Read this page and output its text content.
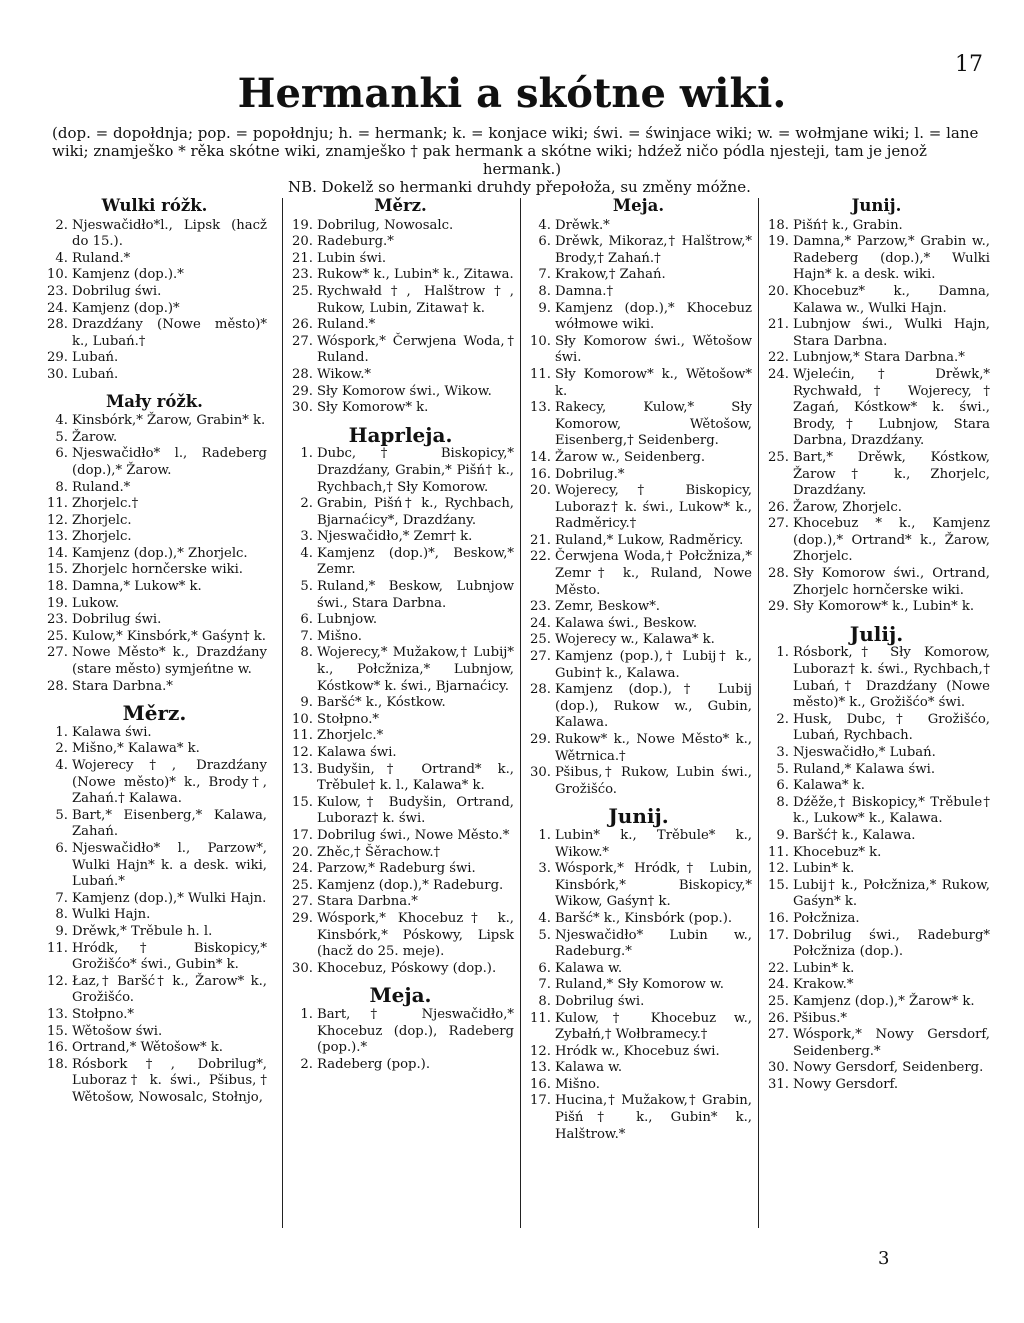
Hermanki a skótne wiki.
17
(dop. = dopołdnja; pop. = popołdnju; h. = hermank; k. = konjace wiki; świ. = świnjace wiki; w. = wołmjane wiki; l. = lane
wiki; znamješko * rěka skótne wiki, znamješko † pak hermank a skótne wiki; hdźež ničo pódla njesteji, tam je jenož
hermank.)
NB. Dokelž so hermanki druhdy přepołoža, su změny móžne.
Wulki róžk.
2. Njeswačidło*l., Lipsk (hacž do 15.).
4. Ruland.*
10. Kamjenz (dop.).*
23. Dobrilug świ.
24. Kamjenz (dop.)*
28. Drazdźany (Nowe město)* k., Lubań.†
29. Lubań.
30. Lubań.
Mały róžk.
4. Kinsbórk,* Žarow, Grabin* k.
5. Žarow.
6. Njeswačidło* l., Radeberg (dop.),* Žarow.
8. Ruland.*
11. Zhorjelc.†
12. Zhorjelc.
13. Zhorjelc.
14. Kamjenz (dop.),* Zhorjelc.
15. Zhorjelc hornčerske wiki.
18. Damna,* Lukow* k.
19. Lukow.
23. Dobrilug świ.
25. Kulow,* Kinsbórk,* Gaśyn† k.
27. Nowe Město* k., Drazdźany (stare město) symjeńtne w.
28. Stara Darbna.*
Měrz.
1. Kalawa świ.
2. Mišno,* Kalawa* k.
4. Wojerecy†, Drazdźany (Nowe město)* k., Brody†, Zahań.† Kalawa.
5. Bart,* Eisenberg,* Kalawa, Zahań.
6. Njeswačidło* l., Parzow*, Wulki Hajn* k. a desk. wiki, Lubań.*
7. Kamjenz (dop.),* Wulki Hajn.
8. Wulki Hajn.
9. Drěwk,* Trěbule h. l.
11. Hródk,† Biskopicy,* Grožišćo* świ., Gubin* k.
12. Łaz,† Baršć† k., Žarow* k., Grožišćo.
13. Stołpno.*
15. Wětošow świ.
16. Ortrand,* Wětošow* k.
18. Rósbork†, Dobrilug*, Luboraz† k. świ., Pšibus,† Wětošow, Nowosalc, Stołnjo,
Měrz.
19. Dobrilug, Nowosalc.
20. Radeburg.*
21. Lubin świ.
23. Rukow* k., Lubin* k., Zitawa.
25. Rychwałd†, Halštrow†, Rukow, Lubin, Zitawa† k.
26. Ruland.*
27. Wóspork,* Čerwjena Woda,† Ruland.
28. Wikow.*
29. Sły Komorow świ., Wikow.
30. Sły Komorow* k.
Haprleja.
1. Dubc,† Biskopicy,* Drazdźany, Grabin,* Pišń† k., Rychbach,† Sły Komorow.
2. Grabin, Pišń† k., Rychbach, Bjarnaćicy*, Drazdźany.
3. Njeswačidło,* Zemr† k.
4. Kamjenz (dop.)*, Beskow,* Zemr.
5. Ruland,* Beskow, Lubnjow świ., Stara Darbna.
6. Lubnjow.
7. Mišno.
8. Wojerecy,* Mužakow,† Lubij* k., Połcžniza,* Lubnjow, Kóstkow* k. świ., Bjarnaćicy.
9. Baršć* k., Kóstkow.
10. Stołpno.*
11. Zhorjelc.*
12. Kalawa świ.
13. Budyšin,† Ortrand* k., Trěbule† k. l., Kalawa* k.
15. Kulow,† Budyšin, Ortrand, Luboraz† k. świ.
17. Dobrilug świ., Nowe Město.*
20. Zhěc,† Šěrachow.†
24. Parzow,* Radeburg świ.
25. Kamjenz (dop.),* Radeburg.
27. Stara Darbna.*
29. Wóspork,* Khocebuz† k., Kinsbórk,* Póskowy, Lipsk (hacž do 25. meje).
30. Khocebuz, Póskowy (dop.).
Meja.
1. Bart,† Njeswačidło,* Khocebuz (dop.), Radeberg (pop.).*
2. Radeberg (pop.).
Meja.
4. Drěwk.*
6. Drěwk, Mikoraz,† Halštrow,* Brody,† Zahań.†
7. Krakow,† Zahań.
8. Damna.†
9. Kamjenz (dop.),* Khocebuz wółmowe wiki.
10. Sły Komorow świ., Wětošow świ.
11. Sły Komorow* k., Wětošow* k.
13. Rakecy, Kulow,* Sły Komorow, Wětošow, Eisenberg,† Seidenberg.
14. Žarow w., Seidenberg.
16. Dobrilug.*
20. Wojerecy,† Biskopicy, Luboraz† k. świ., Lukow* k., Radměricy.†
21. Ruland,* Lukow, Radměricy.
22. Čerwjena Woda,† Połcžniza,* Zemr† k., Ruland, Nowe Město.
23. Zemr, Beskow*.
24. Kalawa świ., Beskow.
25. Wojerecy w., Kalawa* k.
27. Kamjenz (pop.),† Lubij† k., Gubin† k., Kalawa.
28. Kamjenz (dop.),† Lubij (dop.), Rukow w., Gubin, Kalawa.
29. Rukow* k., Nowe Město* k., Wětrnica.†
30. Pšibus,† Rukow, Lubin świ., Grožišćo.
Junij.
1. Lubin* k., Trěbule* k., Wikow.*
3. Wóspork,* Hródk,† Lubin, Kinsbórk,* Biskopicy,* Wikow, Gaśyn† k.
4. Baršć* k., Kinsbórk (pop.).
5. Njeswačidło* Lubin w., Radeburg.*
6. Kalawa w.
7. Ruland,* Sły Komorow w.
8. Dobrilug świ.
11. Kulow,† Khocebuz w., Zybałń,† Wołbramecy.†
12. Hródk w., Khocebuz świ.
13. Kalawa w.
16. Mišno.
17. Hucina,† Mužakow,† Grabin, Pišń† k., Gubin* k., Halštrow.*
Junij.
18. Pišń† k., Grabin.
19. Damna,* Parzow,* Grabin w., Radeberg (dop.),* Wulki Hajn* k. a desk. wiki.
20. Khocebuz* k., Damna, Kalawa w., Wulki Hajn.
21. Lubnjow świ., Wulki Hajn, Stara Darbna.
22. Lubnjow,* Stara Darbna.*
24. Wjelećin,† Drěwk,* Rychwałd,† Wojerecy,† Zagań, Kóstkow* k. świ., Brody,† Lubnjow, Stara Darbna, Drazdźany.
25. Bart,* Drěwk, Kóstkow, Žarow† k., Zhorjelc, Drazdźany.
26. Žarow, Zhorjelc.
27. Khocebuz * k., Kamjenz (dop.),* Ortrand* k., Žarow, Zhorjelc.
28. Sły Komorow świ., Ortrand, Zhorjelc hornčerske wiki.
29. Sły Komorow* k., Lubin* k.
Julij.
1. Rósbork,† Sły Komorow, Luboraz† k. świ., Rychbach,† Lubań,† Drazdźany (Nowe město)* k., Grožišćo* świ.
2. Husk, Dubc,† Grožišćo, Lubań, Rychbach.
3. Njeswačidło,* Lubań.
5. Ruland,* Kalawa świ.
6. Kalawa* k.
8. Dźěže,† Biskopicy,* Trěbule† k., Lukow* k., Kalawa.
9. Baršć† k., Kalawa.
11. Khocebuz* k.
12. Lubin* k.
15. Lubij† k., Połcžniza,* Rukow, Gaśyn* k.
16. Połcžniza.
17. Dobrilug świ., Radeburg* Połcžniza (dop.).
22. Lubin* k.
24. Krakow.*
25. Kamjenz (dop.),* Žarow* k.
26. Pšibus.*
27. Wóspork,* Nowy Gersdorf, Seidenberg.*
30. Nowy Gersdorf, Seidenberg.
31. Nowy Gersdorf.
3
